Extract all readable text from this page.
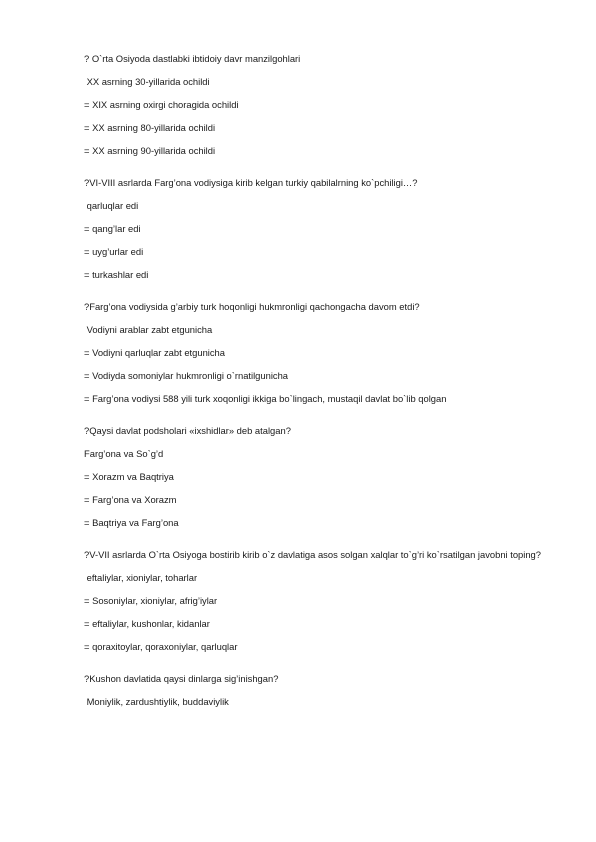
? O`rta Osiyoda dastlabki ibtidoiy davr manzilgohlari
XX asrning 30-yillarida ochildi
= XIX asrning oxirgi choragida ochildi
= XX asrning 80-yillarida ochildi
= XX asrning 90-yillarida ochildi
?VI-VIII asrlarda Farg’ona vodiysiga kirib kelgan turkiy qabilalrning ko`pchiligi…?
qarluqlar edi
= qang’lar edi
= uyg’urlar edi
= turkashlar edi
?Farg’ona vodiysida g’arbiy turk hoqonligi hukmronligi qachongacha davom etdi?
Vodiyni arablar zabt etgunicha
= Vodiyni qarluqlar zabt etgunicha
= Vodiyda somoniylar hukmronligi o`rnatilgunicha
= Farg’ona vodiysi 588 yili turk xoqonligi ikkiga bo`lingach, mustaqil davlat bo`lib qolgan
?Qaysi davlat podsholari «ixshidlar» deb atalgan?
Farg’ona va So`g’d
= Xorazm va Baqtriya
= Farg’ona va Xorazm
= Baqtriya va Farg’ona
?V-VII asrlarda O`rta Osiyoga bostirib kirib o`z davlatiga asos solgan xalqlar to`g’ri ko`rsatilgan javobni toping?
eftaliylar, xioniylar, toharlar
= Sosoniylar, xioniylar, afrig’iylar
= eftaliylar, kushonlar, kidanlar
= qoraxitoylar, qoraxoniylar, qarluqlar
?Kushon davlatida qaysi dinlarga sig’inishgan?
Moniylik, zardushtiylik, buddaviylik
